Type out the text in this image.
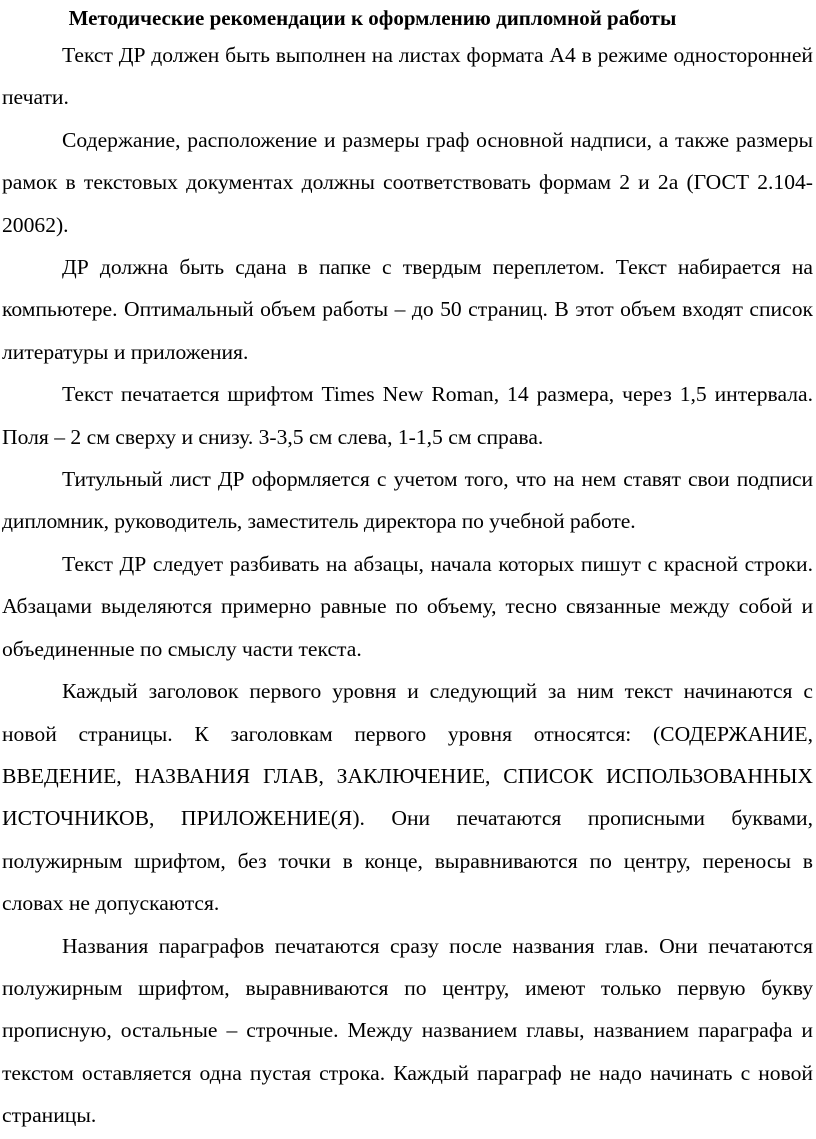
Методические рекомендации к оформлению дипломной работы

Текст ДР должен быть выполнен на листах формата А4 в режиме односторонней печати.

Содержание, расположение и размеры граф основной надписи, а также размеры рамок в текстовых документах должны соответствовать формам 2 и 2а (ГОСТ 2.104-20062).

ДР должна быть сдана в папке с твердым переплетом. Текст набирается на компьютере. Оптимальный объем работы – до 50 страниц. В этот объем входят список литературы и приложения.

Текст печатается шрифтом Times New Roman, 14 размера, через 1,5 интервала. Поля – 2 см сверху и снизу. 3-3,5 см слева, 1-1,5 см справа.

Титульный лист ДР оформляется с учетом того, что на нем ставят свои подписи дипломник, руководитель, заместитель директора по учебной работе.

Текст ДР следует разбивать на абзацы, начала которых пишут с красной строки. Абзацами выделяются примерно равные по объему, тесно связанные между собой и объединенные по смыслу части текста.

Каждый заголовок первого уровня и следующий за ним текст начинаются с новой страницы. К заголовкам первого уровня относятся: (СОДЕРЖАНИЕ, ВВЕДЕНИЕ, НАЗВАНИЯ ГЛАВ, ЗАКЛЮЧЕНИЕ, СПИСОК ИСПОЛЬЗОВАННЫХ ИСТОЧНИКОВ, ПРИЛОЖЕНИЕ(Я). Они печатаются прописными буквами, полужирным шрифтом, без точки в конце, выравниваются по центру, переносы в словах не допускаются.

Названия параграфов печатаются сразу после названия глав. Они печатаются полужирным шрифтом, выравниваются по центру, имеют только первую букву прописную, остальные – строчные. Между названием главы, названием параграфа и текстом оставляется одна пустая строка. Каждый параграф не надо начинать с новой страницы.
